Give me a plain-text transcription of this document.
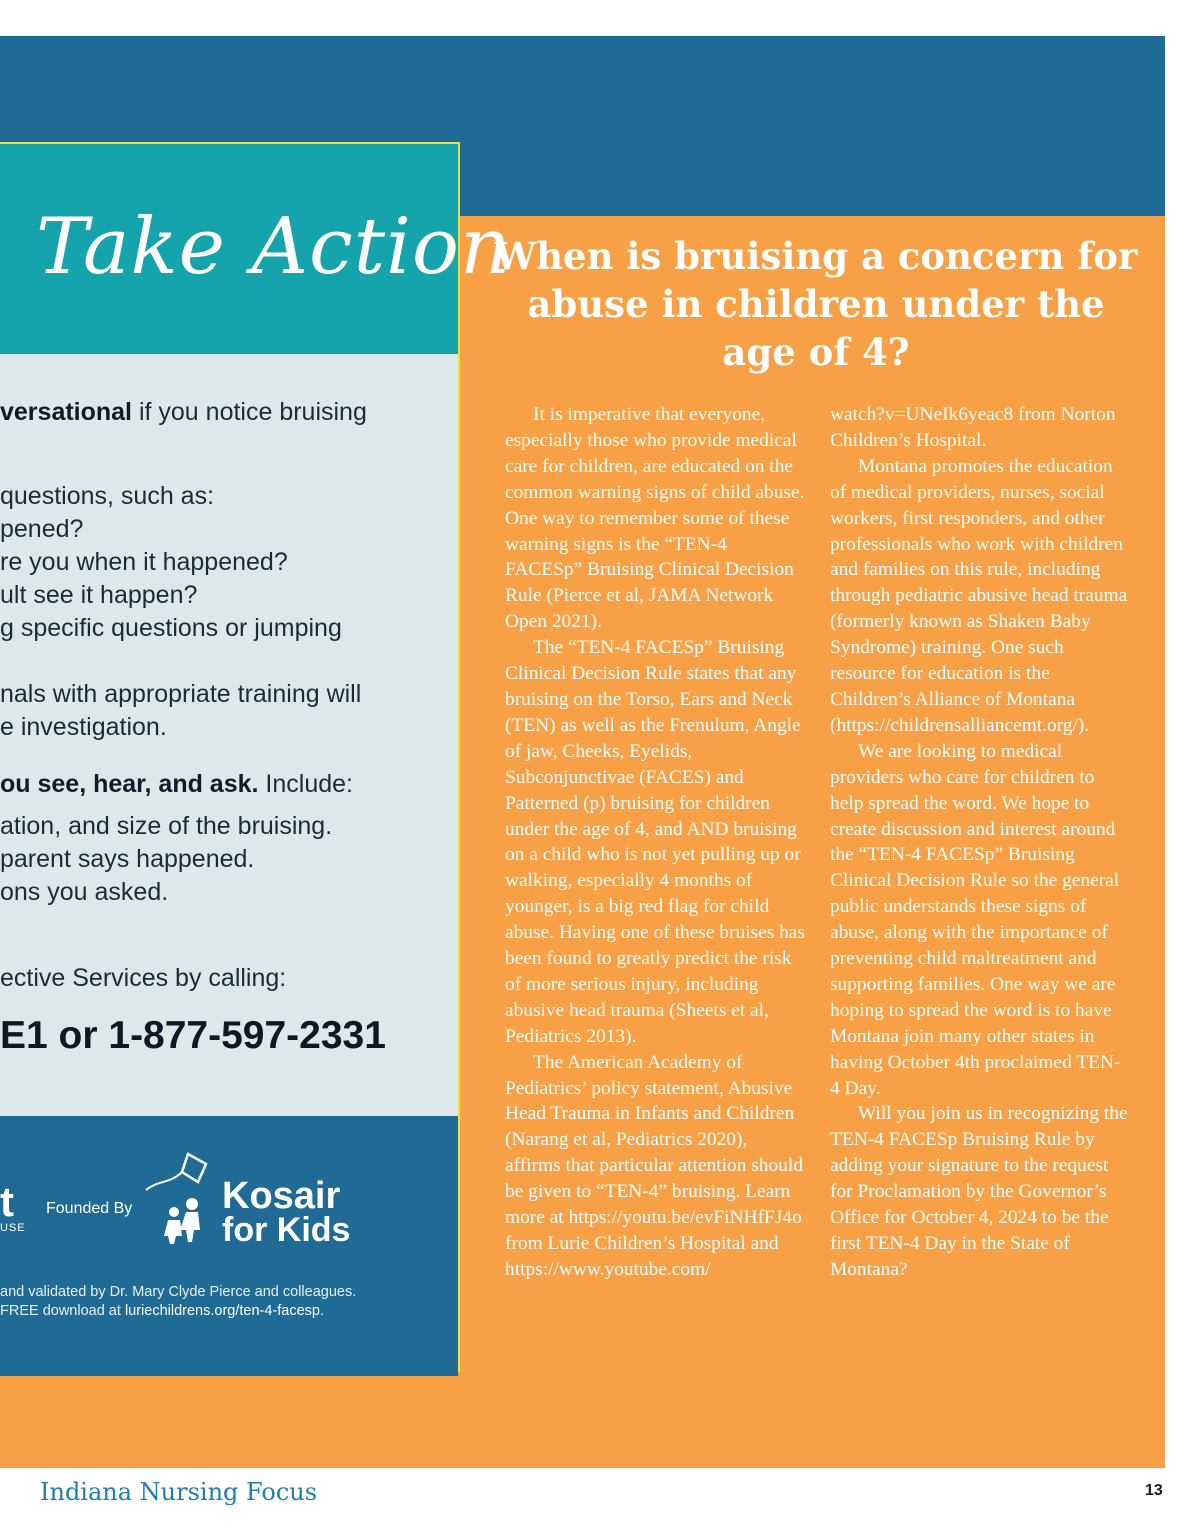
Take Action

versational if you notice bruising

questions, such as:

pened?

re you when it happened?

ult see it happen?

g specific questions or jumping

nals with appropriate training will

e investigation.

ou see, hear, and ask. Include:

ation, and size of the bruising.

parent says happened.

ons you asked.

ective Services by calling:

E1 or 1-877-597-2331

t

USE

Founded By Kosair

for Kids

and validated by Dr. Mary Clyde Pierce and colleagues.

FREE download at luriechildrens.org/ten-4-facesp.

When is bruising a concern for abuse in children under the age of 4?

It is imperative that everyone, especially those who provide medical care for children, are educated on the common warning signs of child abuse. One way to remember some of these warning signs is the “TEN-4 FACESp” Bruising Clinical Decision Rule (Pierce et al, JAMA Network Open 2021).

The “TEN-4 FACESp” Bruising Clinical Decision Rule states that any bruising on the Torso, Ears and Neck (TEN) as well as the Frenulum, Angle of jaw, Cheeks, Eyelids, Subconjunctivae (FACES) and Patterned (p) bruising for children under the age of 4, and AND bruising on a child who is not yet pulling up or walking, especially 4 months of younger, is a big red flag for child abuse. Having one of these bruises has been found to greatly predict the risk of more serious injury, including abusive head trauma (Sheets et al, Pediatrics 2013).

The American Academy of Pediatrics’ policy statement, Abusive Head Trauma in Infants and Children (Narang et al, Pediatrics 2020), affirms that particular attention should be given to “TEN-4” bruising. Learn more at https://youtu.be/evFiNHfFJ4o from Lurie Children’s Hospital and https://www.youtube.com/

watch?v=UNeIk6yeac8 from Norton Children’s Hospital.

Montana promotes the education of medical providers, nurses, social workers, first responders, and other professionals who work with children and families on this rule, including through pediatric abusive head trauma (formerly known as Shaken Baby Syndrome) training. One such resource for education is the Children’s Alliance of Montana (https://childrensalliancemt.org/).

We are looking to medical providers who care for children to help spread the word. We hope to create discussion and interest around the “TEN-4 FACESp” Bruising Clinical Decision Rule so the general public understands these signs of abuse, along with the importance of preventing child maltreatment and supporting families. One way we are hoping to spread the word is to have Montana join many other states in having October 4th proclaimed TEN-4 Day.

Will you join us in recognizing the TEN-4 FACESp Bruising Rule by adding your signature to the request for Proclamation by the Governor’s Office for October 4, 2024 to be the first TEN-4 Day in the State of Montana?

Indiana Nursing Focus	13
